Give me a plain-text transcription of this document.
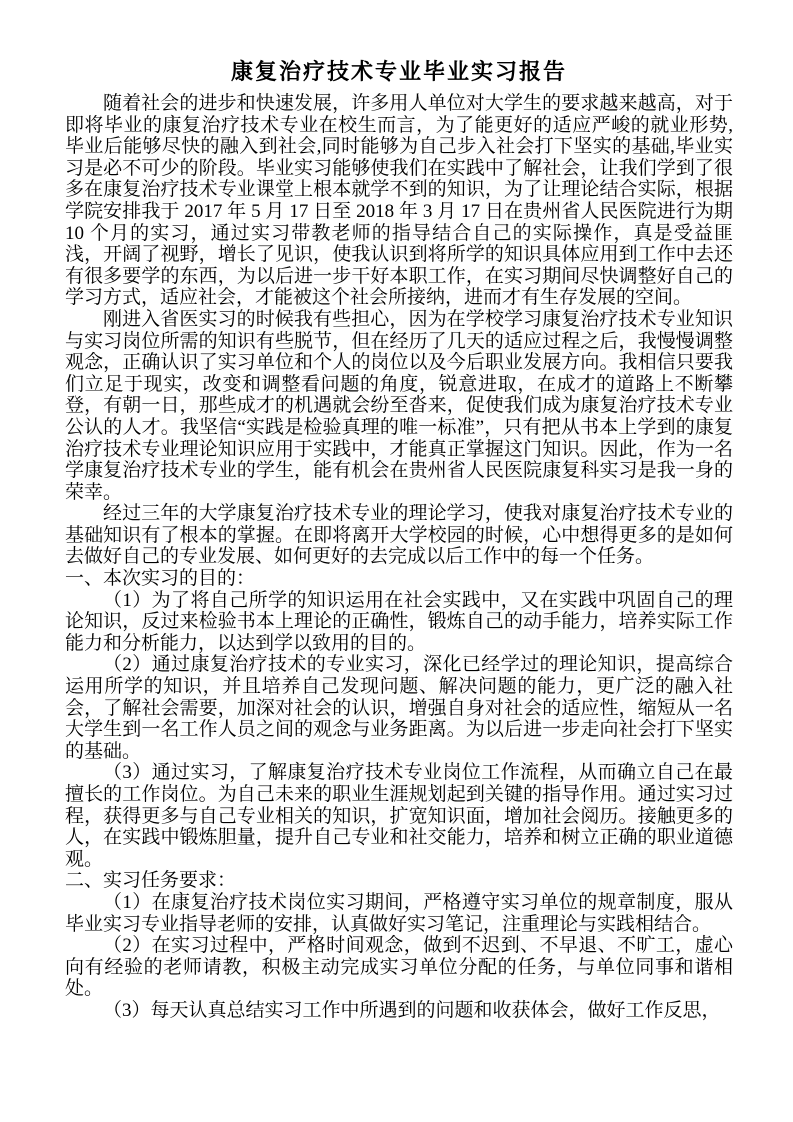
康复治疗技术专业毕业实习报告

随着社会的进步和快速发展，许多用人单位对大学生的要求越来越高，对于即将毕业的康复治疗技术专业在校生而言，为了能更好的适应严峻的就业形势,毕业后能够尽快的融入到社会,同时能够为自己步入社会打下坚实的基础,毕业实习是必不可少的阶段。毕业实习能够使我们在实践中了解社会，让我们学到了很多在康复治疗技术专业课堂上根本就学不到的知识，为了让理论结合实际，根据学院安排我于 2017 年 5 月 17 日至 2018 年 3 月 17 日在贵州省人民医院进行为期 10 个月的实习，通过实习带教老师的指导结合自己的实际操作，真是受益匪浅，开阔了视野，增长了见识，使我认识到将所学的知识具体应用到工作中去还有很多要学的东西，为以后进一步干好本职工作，在实习期间尽快调整好自己的学习方式，适应社会，才能被这个社会所接纳，进而才有生存发展的空间。

刚进入省医实习的时候我有些担心，因为在学校学习康复治疗技术专业知识与实习岗位所需的知识有些脱节，但在经历了几天的适应过程之后，我慢慢调整观念，正确认识了实习单位和个人的岗位以及今后职业发展方向。我相信只要我们立足于现实，改变和调整看问题的角度，锐意进取，在成才的道路上不断攀登，有朝一日，那些成才的机遇就会纷至沓来，促使我们成为康复治疗技术专业公认的人才。我坚信“实践是检验真理的唯一标准”，只有把从书本上学到的康复治疗技术专业理论知识应用于实践中，才能真正掌握这门知识。因此，作为一名学康复治疗技术专业的学生，能有机会在贵州省人民医院康复科实习是我一身的荣幸。

经过三年的大学康复治疗技术专业的理论学习，使我对康复治疗技术专业的基础知识有了根本的掌握。在即将离开大学校园的时候，心中想得更多的是如何去做好自己的专业发展、如何更好的去完成以后工作中的每一个任务。

一、本次实习的目的：

（1）为了将自己所学的知识运用在社会实践中，又在实践中巩固自己的理论知识，反过来检验书本上理论的正确性，锻炼自己的动手能力，培养实际工作能力和分析能力，以达到学以致用的目的。

（2）通过康复治疗技术的专业实习，深化已经学过的理论知识，提高综合运用所学的知识，并且培养自己发现问题、解决问题的能力，更广泛的融入社会，了解社会需要，加深对社会的认识，增强自身对社会的适应性，缩短从一名大学生到一名工作人员之间的观念与业务距离。为以后进一步走向社会打下坚实的基础。

（3）通过实习，了解康复治疗技术专业岗位工作流程，从而确立自己在最擅长的工作岗位。为自己未来的职业生涯规划起到关键的指导作用。通过实习过程，获得更多与自己专业相关的知识，扩宽知识面，增加社会阅历。接触更多的人，在实践中锻炼胆量，提升自己专业和社交能力，培养和树立正确的职业道德观。

二、实习任务要求：

（1）在康复治疗技术岗位实习期间，严格遵守实习单位的规章制度，服从毕业实习专业指导老师的安排，认真做好实习笔记，注重理论与实践相结合。

（2）在实习过程中，严格时间观念，做到不迟到、不早退、不旷工，虚心向有经验的老师请教，积极主动完成实习单位分配的任务，与单位同事和谐相处。

（3）每天认真总结实习工作中所遇到的问题和收获体会，做好工作反思，
